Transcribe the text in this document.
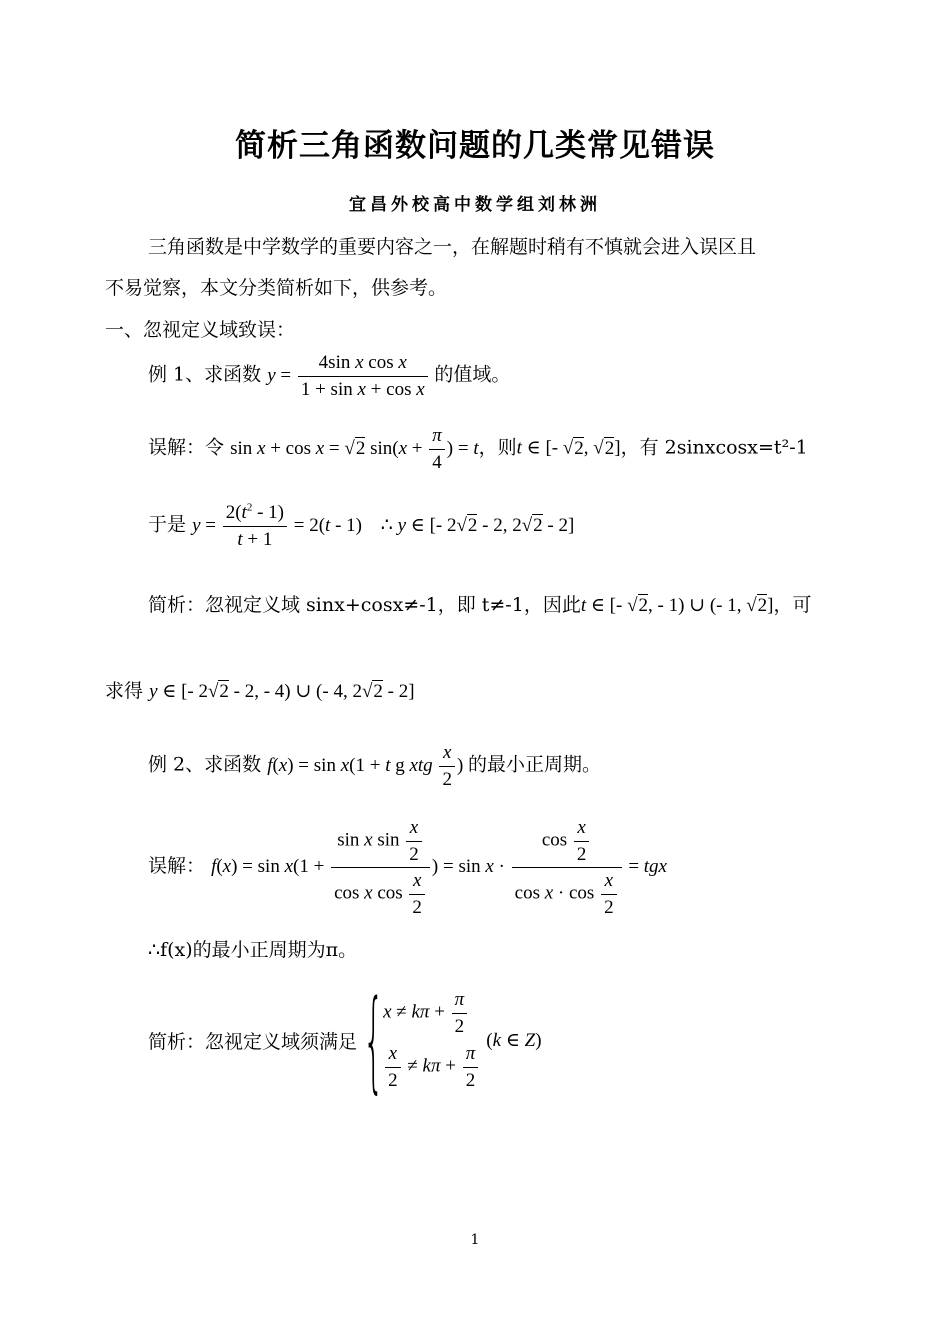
简析三角函数问题的几类常见错误
宜昌外校高中数学组刘林洲
三角函数是中学数学的重要内容之一，在解题时稍有不慎就会进入误区且
不易觉察，本文分类简析如下，供参考。
一、忽视定义域致误：
例 1、求函数 $y = \frac{\text{4sin x cos x}}{\text{1 + sin x + cos x}}$ 的值域。
误解：令 sin x + cos x = √2 $\sin(x + \frac{\pi}{4}$ ) = t，则t ∈ [- √2, √2]，有 2sinxcosx=t²-1
于是 $y = \frac{2(t^2 - 1)}{t + 1} = 2(t - 1)$ ∴ y ∈ [- 2√2 - 2, 2√2 - 2]
简析：忽视定义域 sinx+cosx≠-1，即 t≠-1，因此t ∈ [- √2, - 1) ∪ (- 1, √2]，可
求得 y ∈ [- 2√2 - 2, - 4) ∪ (- 4, 2√2 - 2]
例 2、求函数 f(x) = sin x(1 + t g xtg $\frac{x}{2}$ ) 的最小正周期。
误解： $f(x) = \sin x(1 + \frac{\sin x \sin \frac{x}{2}}{\cos x \cos \frac{x}{2}}$ ) = $\sin x \cdot \frac{\cos \frac{x}{2}}{\cos x \cdot \cos \frac{x}{2}}$ = tgx
∴f(x)的最小正周期为π。
简析：忽视定义域须满足 { $x \ne k\pi + \frac{\pi}{2}$
$\frac{x}{2} \ne k\pi + \frac{\pi}{2}$
(k ∈ Z)
1
